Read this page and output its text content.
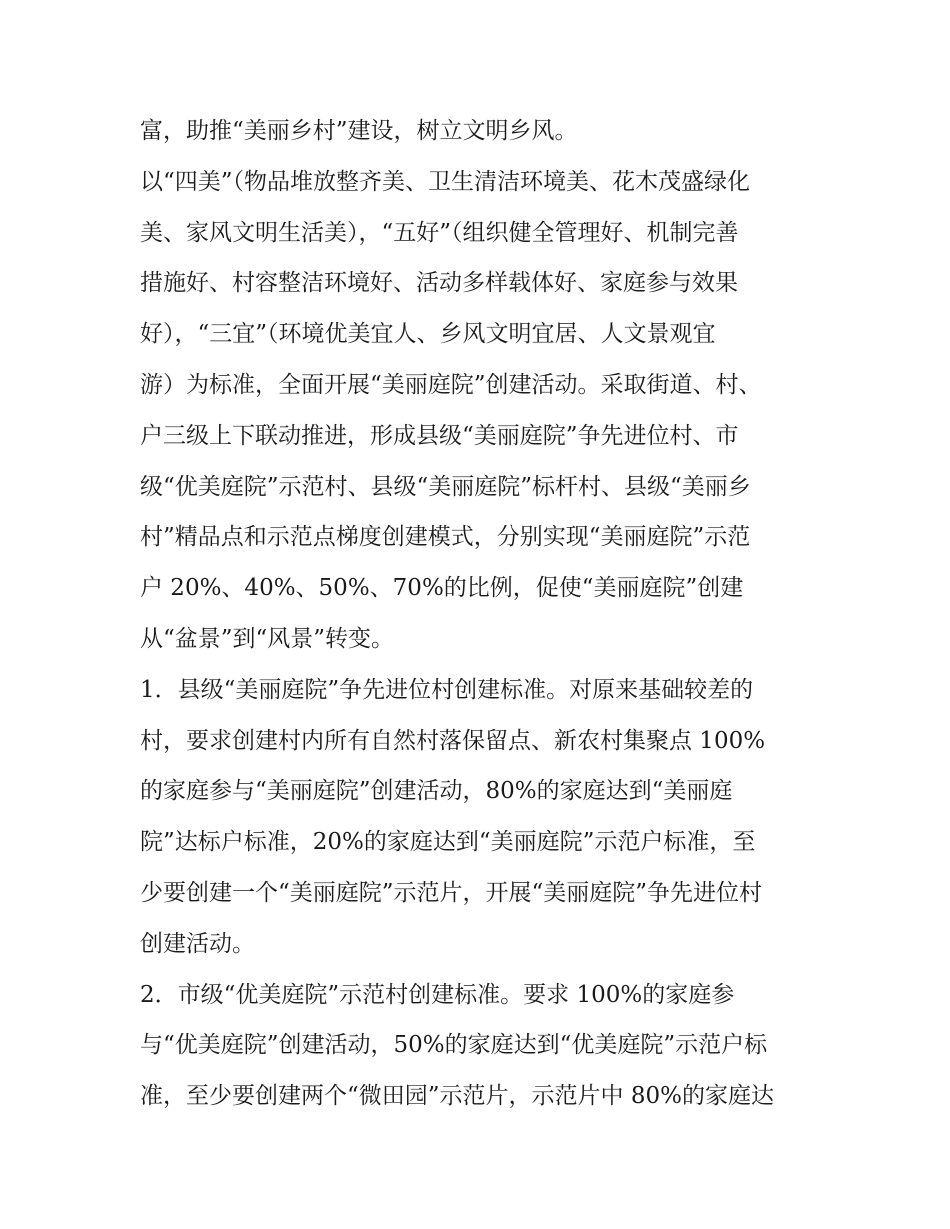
富，助推“美丽乡村”建设，树立文明乡风。
以“四美”（物品堆放整齐美、卫生清洁环境美、花木茂盛绿化
美、家风文明生活美），“五好”（组织健全管理好、机制完善
措施好、村容整洁环境好、活动多样载体好、家庭参与效果
好），“三宜”（环境优美宜人、乡风文明宜居、人文景观宜
游）为标准，全面开展“美丽庭院”创建活动。采取街道、村、
户三级上下联动推进，形成县级“美丽庭院”争先进位村、市
级“优美庭院”示范村、县级“美丽庭院”标杆村、县级“美丽乡
村”精品点和示范点梯度创建模式，分别实现“美丽庭院”示范
户 20%、40%、50%、70%的比例，促使“美丽庭院”创建
从“盆景”到“风景”转变。
1．县级“美丽庭院”争先进位村创建标准。对原来基础较差的
村，要求创建村内所有自然村落保留点、新农村集聚点 100%
的家庭参与“美丽庭院”创建活动，80%的家庭达到“美丽庭
院”达标户标准，20%的家庭达到“美丽庭院”示范户标准，至
少要创建一个“美丽庭院”示范片，开展“美丽庭院”争先进位村
创建活动。
2．市级“优美庭院”示范村创建标准。要求 100%的家庭参
与“优美庭院”创建活动，50%的家庭达到“优美庭院”示范户标
准，至少要创建两个“微田园”示范片，示范片中 80%的家庭达
